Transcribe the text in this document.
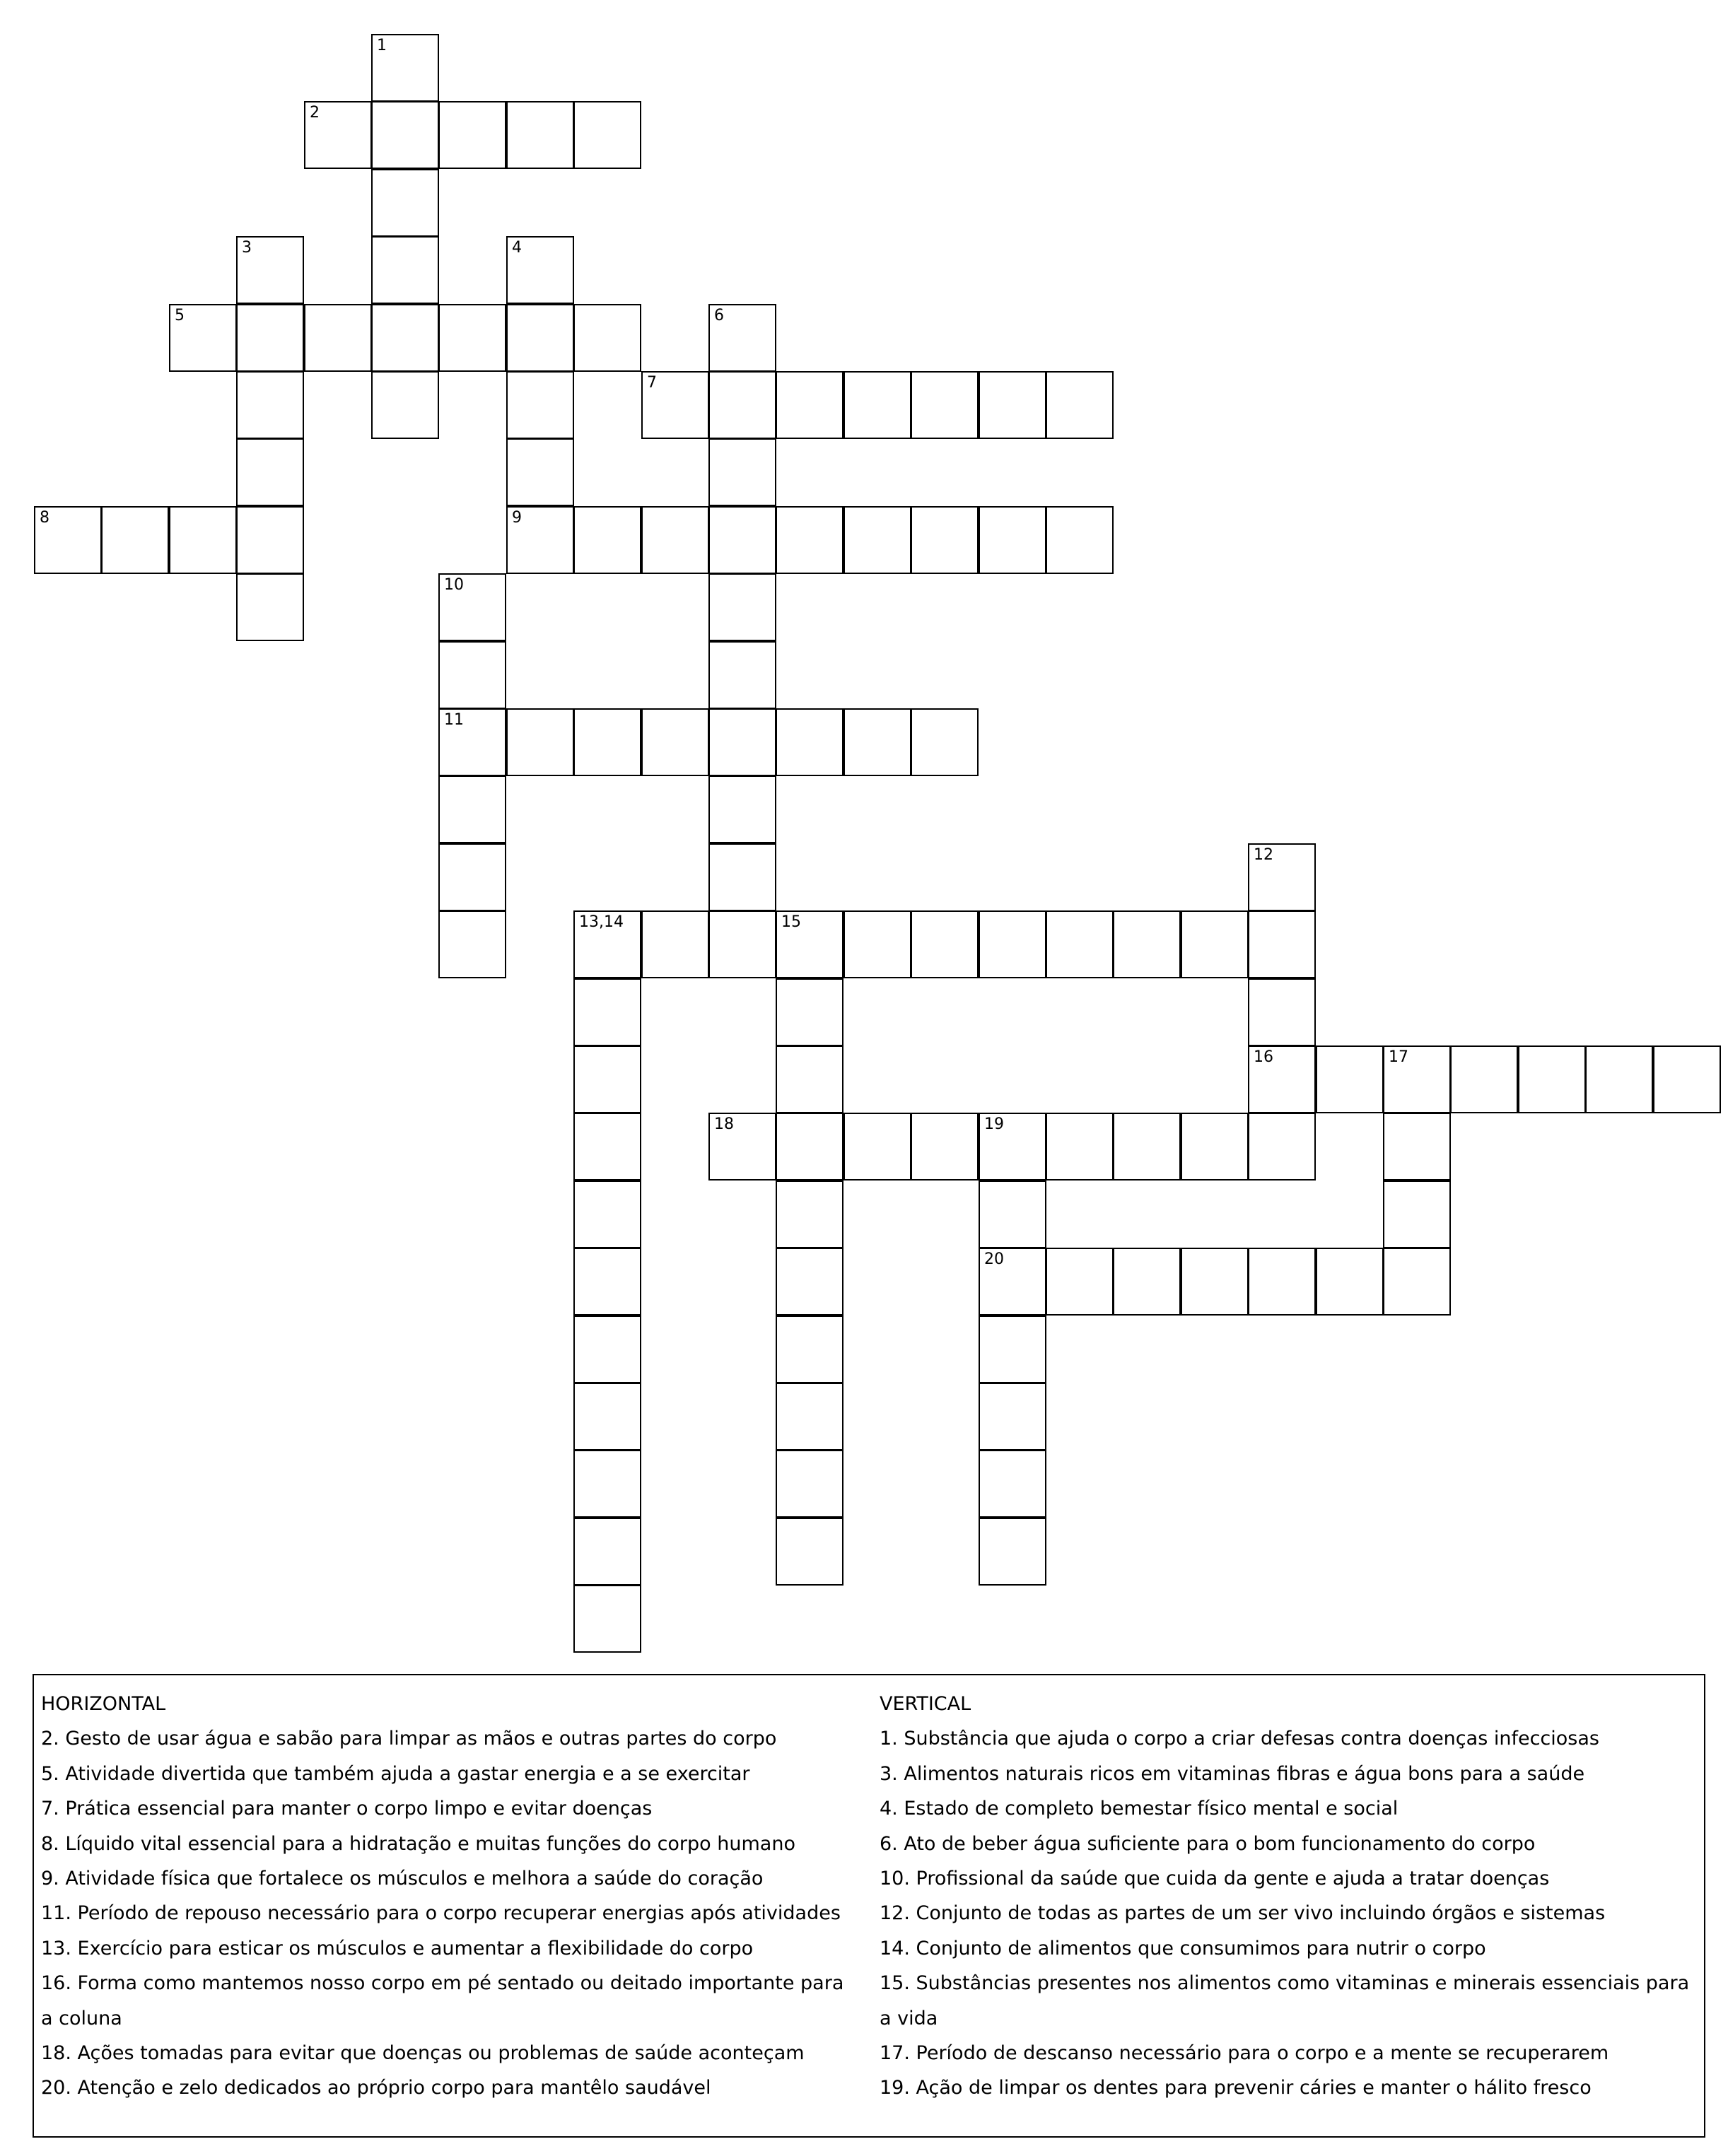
1
2
3	4
5	6
7
8	9
10
11
12
13,14	15
16	17
18	19
20
HORIZONTAL
2. Gesto de usar água e sabão para limpar as mãos e outras partes do corpo
5. Atividade divertida que também ajuda a gastar energia e a se exercitar
7. Prática essencial para manter o corpo limpo e evitar doenças
8. Líquido vital essencial para a hidratação e muitas funções do corpo humano
9. Atividade física que fortalece os músculos e melhora a saúde do coração
11. Período de repouso necessário para o corpo recuperar energias após atividades
13. Exercício para esticar os músculos e aumentar a flexibilidade do corpo
16. Forma como mantemos nosso corpo em pé sentado ou deitado importante para a coluna
18. Ações tomadas para evitar que doenças ou problemas de saúde aconteçam
20. Atenção e zelo dedicados ao próprio corpo para mantêlo saudável
VERTICAL
1. Substância que ajuda o corpo a criar defesas contra doenças infecciosas
3. Alimentos naturais ricos em vitaminas fibras e água bons para a saúde
4. Estado de completo bemestar físico mental e social
6. Ato de beber água suficiente para o bom funcionamento do corpo
10. Profissional da saúde que cuida da gente e ajuda a tratar doenças
12. Conjunto de todas as partes de um ser vivo incluindo órgãos e sistemas
14. Conjunto de alimentos que consumimos para nutrir o corpo
15. Substâncias presentes nos alimentos como vitaminas e minerais essenciais para a vida
17. Período de descanso necessário para o corpo e a mente se recuperarem
19. Ação de limpar os dentes para prevenir cáries e manter o hálito fresco
